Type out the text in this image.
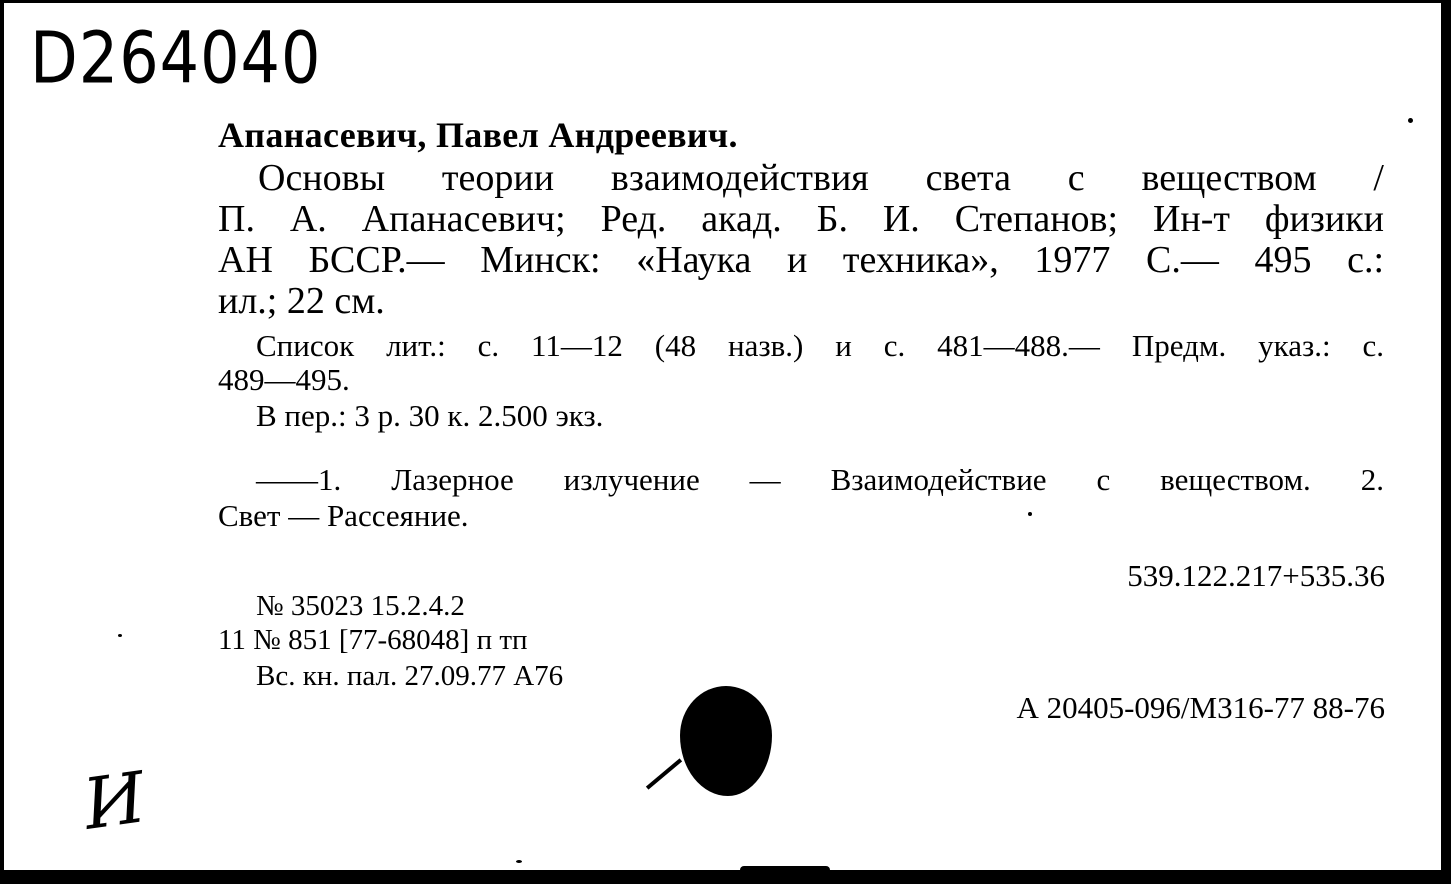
D264040

Апанасевич, Павел Андреевич.

Основы теории взаимодействия света с веществом /

П. А. Апанасевич; Ред. акад. Б. И. Степанов; Ин-т физики

АН БССР.— Минск: «Наука и техника», 1977 С.— 495 с.:

ил.; 22 см.

Список лит.: с. 11—12 (48 назв.) и с. 481—488.— Предм. указ.: с.

489—495.

В пер.: 3 р. 30 к. 2.500 экз.

——1. Лазерное излучение — Взаимодействие с веществом. 2.

Свет — Рассеяние.

539.122.217+535.36

№ 35023 15.2.4.2

11 № 851 [77-68048] п тп

Вс. кн. пал. 27.09.77 А76

А 20405-096/М316-77 88-76

И
